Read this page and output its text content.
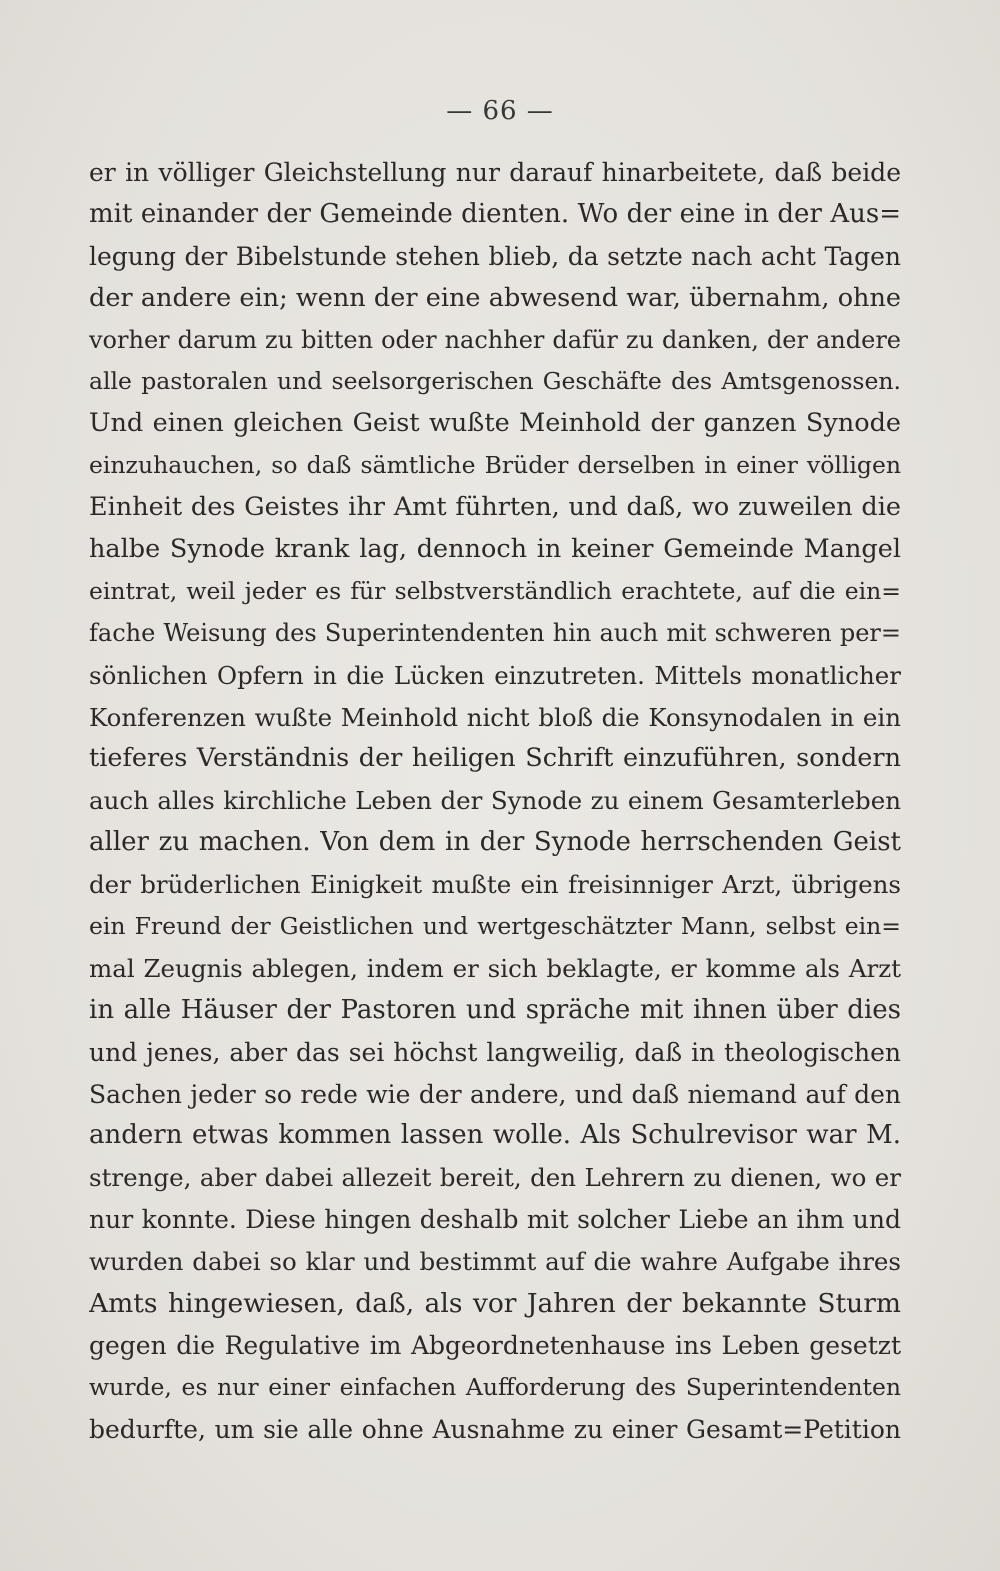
— 66 —
er in völliger Gleichstellung nur darauf hinarbeitete, daß beide
mit einander der Gemeinde dienten. Wo der eine in der Aus=
legung der Bibelstunde stehen blieb, da setzte nach acht Tagen
der andere ein; wenn der eine abwesend war, übernahm, ohne
vorher darum zu bitten oder nachher dafür zu danken, der andere
alle pastoralen und seelsorgerischen Geschäfte des Amtsgenossen.
Und einen gleichen Geist wußte Meinhold der ganzen Synode
einzuhauchen, so daß sämtliche Brüder derselben in einer völligen
Einheit des Geistes ihr Amt führten, und daß, wo zuweilen die
halbe Synode krank lag, dennoch in keiner Gemeinde Mangel
eintrat, weil jeder es für selbstverständlich erachtete, auf die ein=
fache Weisung des Superintendenten hin auch mit schweren per=
sönlichen Opfern in die Lücken einzutreten. Mittels monatlicher
Konferenzen wußte Meinhold nicht bloß die Konsynodalen in ein
tieferes Verständnis der heiligen Schrift einzuführen, sondern
auch alles kirchliche Leben der Synode zu einem Gesamterleben
aller zu machen. Von dem in der Synode herrschenden Geist
der brüderlichen Einigkeit mußte ein freisinniger Arzt, übrigens
ein Freund der Geistlichen und wertgeschätzter Mann, selbst ein=
mal Zeugnis ablegen, indem er sich beklagte, er komme als Arzt
in alle Häuser der Pastoren und spräche mit ihnen über dies
und jenes, aber das sei höchst langweilig, daß in theologischen
Sachen jeder so rede wie der andere, und daß niemand auf den
andern etwas kommen lassen wolle. Als Schulrevisor war M.
strenge, aber dabei allezeit bereit, den Lehrern zu dienen, wo er
nur konnte. Diese hingen deshalb mit solcher Liebe an ihm und
wurden dabei so klar und bestimmt auf die wahre Aufgabe ihres
Amts hingewiesen, daß, als vor Jahren der bekannte Sturm
gegen die Regulative im Abgeordnetenhause ins Leben gesetzt
wurde, es nur einer einfachen Aufforderung des Superintendenten
bedurfte, um sie alle ohne Ausnahme zu einer Gesamt=Petition
